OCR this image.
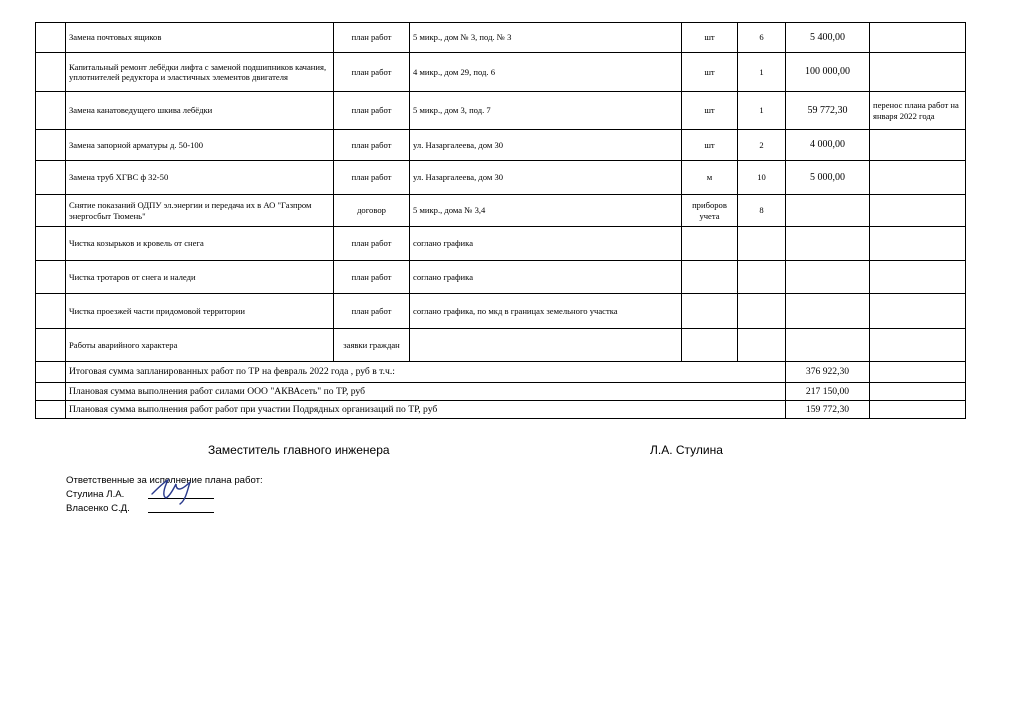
	Замена почтовых ящиков	план работ	5 микр., дом № 3, под. № 3	шт	6	5 400,00	
	Капитальный ремонт лебёдки лифта с заменой подшипников качания, уплотнителей редуктора и эластичных элементов двигателя	план работ	4 микр., дом 29, под. 6	шт	1	100 000,00	
	Замена канатоведущего шкива лебёдки	план работ	5 микр., дом 3, под. 7	шт	1	59 772,30	перенос плана работ на января 2022 года
	Замена запорной арматуры д. 50-100	план работ	ул. Назаргалеева, дом 30	шт	2	4 000,00	
	Замена труб ХГВС ф 32-50	план работ	ул. Назаргалеева, дом 30	м	10	5 000,00	
	Снятие показаний ОДПУ эл.энергии и передача их в АО "Газпром энергосбыт Тюмень"	договор	5 микр., дома № 3,4	приборов учета	8		
	Чистка козырьков и кровель от снега	план работ	соглано графика				
	Чистка тротаров от снега и наледи	план работ	соглано графика				
	Чистка проезжей части придомовой территории	план работ	соглано графика, по мкд в границах земельного участка				
	Работы аварийного характера	заявки граждан					
	Итоговая сумма запланированных работ по ТР на февраль 2022 года , руб в т.ч.:					376 922,30	
	Плановая сумма выполнения работ силами ООО "АКВАсеть" по ТР, руб					217 150,00	
	Плановая сумма выполнения работ работ при участии Подрядных организаций по ТР, руб					159 772,30	
Заместитель главного инженера	Л.А. Стулина
Ответственные за исполнение плана работ:
Стулина Л.А.
Власенко С.Д.
